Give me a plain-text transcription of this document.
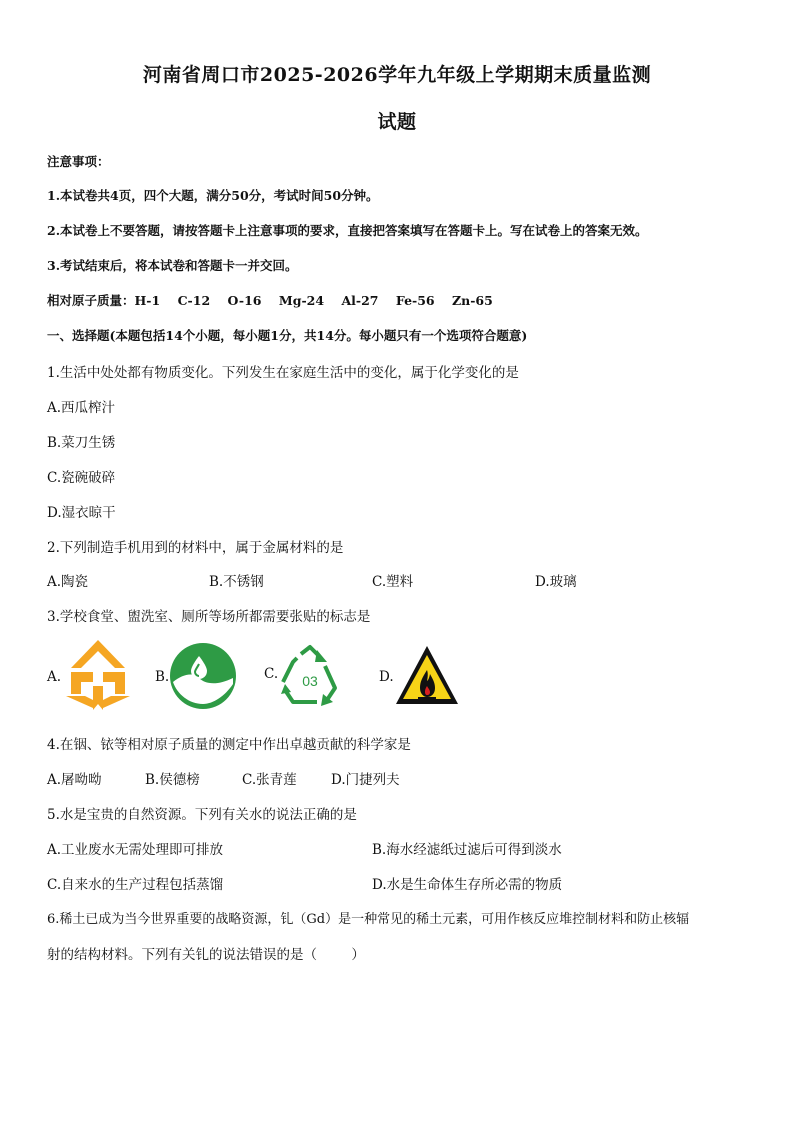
河南省周口市2025-2026学年九年级上学期期末质量监测
试题
注意事项：
1.本试卷共4页，四个大题，满分50分，考试时间50分钟。
2.本试卷上不要答题，请按答题卡上注意事项的要求，直接把答案填写在答题卡上。写在试卷上的答案无效。
3.考试结束后，将本试卷和答题卡一并交回。
相对原子质量：H-1    C-12    O-16    Mg-24    Al-27    Fe-56    Zn-65
一、选择题(本题包括14个小题，每小题1分，共14分。每小题只有一个选项符合题意)
1.生活中处处都有物质变化。下列发生在家庭生活中的变化，属于化学变化的是
A.西瓜榨汁
B.菜刀生锈
C.瓷碗破碎
D.湿衣晾干
2.下列制造手机用到的材料中，属于金属材料的是
A.陶瓷	B.不锈钢	C.塑料	D.玻璃
3.学校食堂、盥洗室、厕所等场所都需要张贴的标志是
A.	B.	C. 03	D.
4.在铟、铱等相对原子质量的测定中作出卓越贡献的科学家是
A.屠呦呦	B.侯德榜	C.张青莲	D.门捷列夫
5.水是宝贵的自然资源。下列有关水的说法正确的是
A.工业废水无需处理即可排放	B.海水经滤纸过滤后可得到淡水
C.自来水的生产过程包括蒸馏	D.水是生命体生存所必需的物质
6.稀土已成为当今世界重要的战略资源，钆（Gd）是一种常见的稀土元素，可用作核反应堆控制材料和防止核辐
射的结构材料。下列有关钆的说法错误的是（        ）
